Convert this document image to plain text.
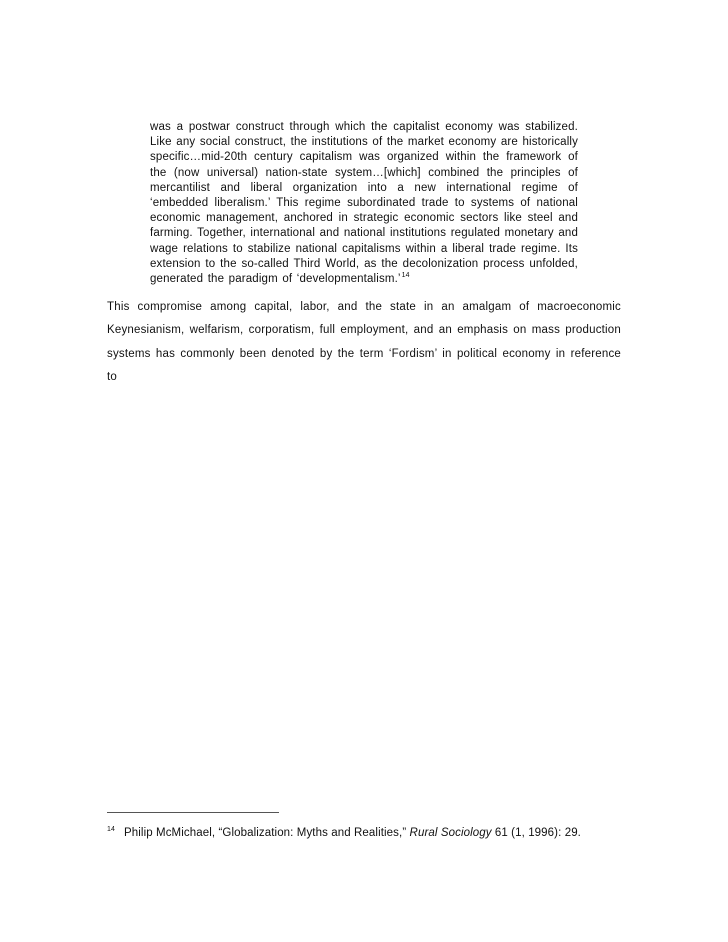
was a postwar construct through which the capitalist economy was stabilized. Like any social construct, the institutions of the market economy are historically specific…mid-20th century capitalism was organized within the framework of the (now universal) nation-state system…[which] combined the principles of mercantilist and liberal organization into a new international regime of ‘embedded liberalism.’ This regime subordinated trade to systems of national economic management, anchored in strategic economic sectors like steel and farming. Together, international and national institutions regulated monetary and wage relations to stabilize national capitalisms within a liberal trade regime. Its extension to the so-called Third World, as the decolonization process unfolded, generated the paradigm of ‘developmentalism.’$^{14}$

This compromise among capital, labor, and the state in an amalgam of macroeconomic Keynesianism, welfarism, corporatism, full employment, and an emphasis on mass production systems has commonly been denoted by the term ‘Fordism’ in political economy in reference to

$^{14}$ Philip McMichael, “Globalization: Myths and Realities,” Rural Sociology 61 (1, 1996): 29.
